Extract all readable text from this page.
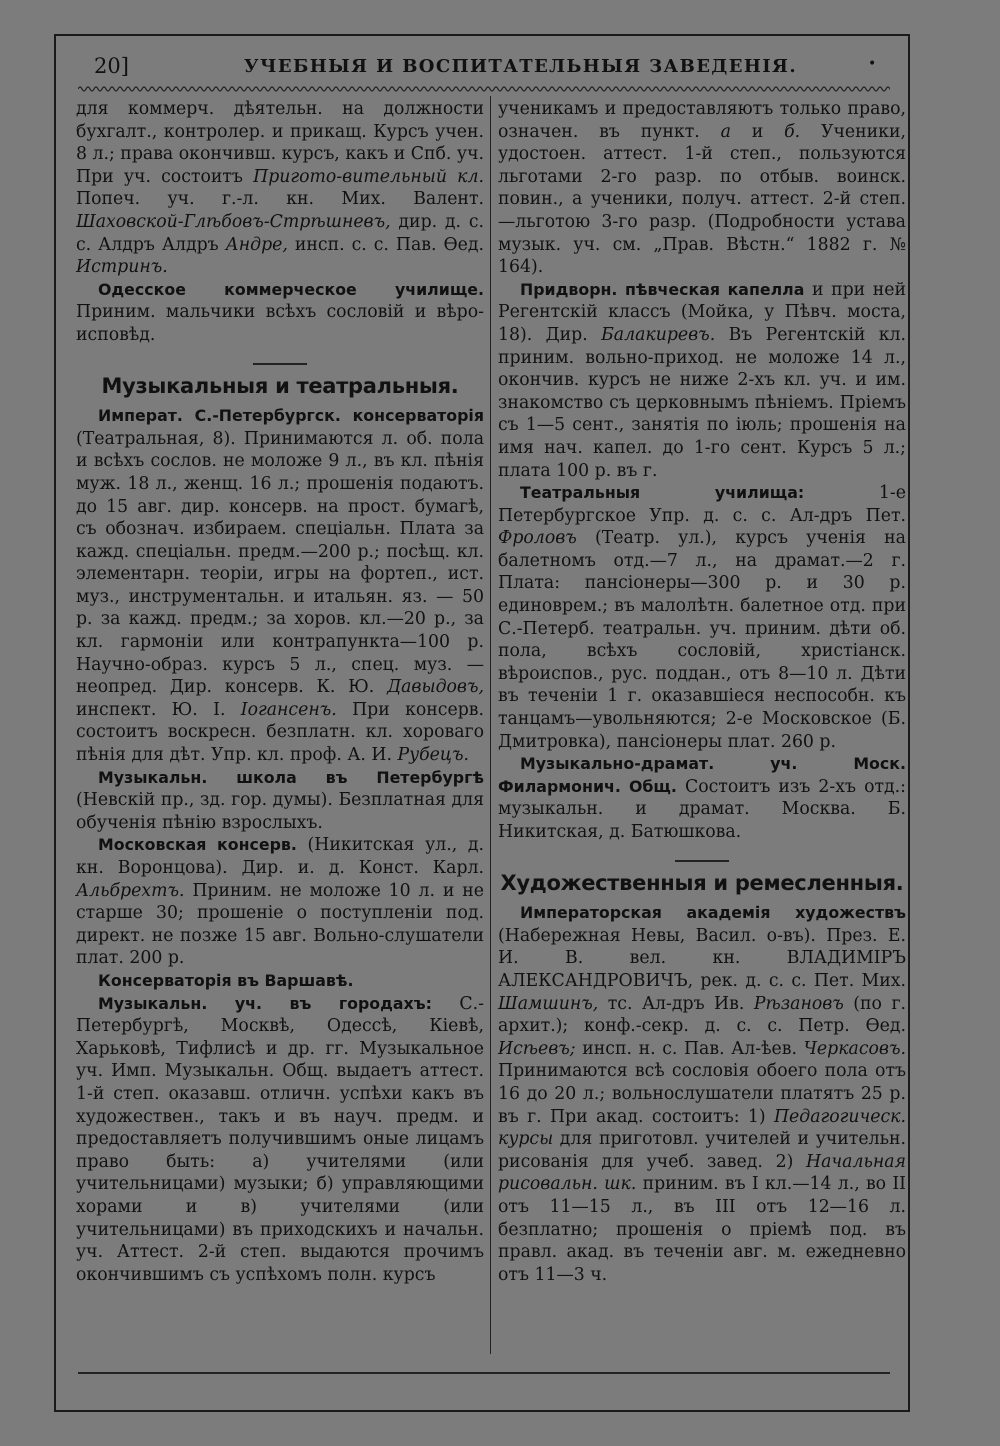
20]	УЧЕБНЫЯ И ВОСПИТАТЕЛЬНЫЯ ЗАВЕДЕНІЯ.	•

для коммерч. дѣятельн. на должности бухгалт., контролер. и прикащ. Курсъ учен. 8 л.; права окончивш. курсъ, какъ и Спб. уч. При уч. состоитъ Пригото-вительный кл. Попеч. уч. г.-л. кн. Мих. Валент. Шаховской-Глѣбовъ-Стрѣшневъ, дир. д. с. с. Алдръ Алдръ Андре, инсп. с. с. Пав. Ѳед. Истринъ.

Одесское коммерческое училище. Приним. мальчики всѣхъ сословій и вѣро-исповѣд.

Музыкальныя и театральныя.

Императ. С.-Петербургск. консерваторія (Театральная, 8). Принимаются л. об. пола и всѣхъ сослов. не моложе 9 л., въ кл. пѣнія муж. 18 л., женщ. 16 л.; прошенія подаютъ. до 15 авг. дир. консерв. на прост. бумагѣ, съ обознач. избираем. спеціальн. Плата за кажд. спеціальн. предм.—200 р.; посѣщ. кл. элементарн. теоріи, игры на фортеп., ист. муз., инструментальн. и итальян. яз. — 50 р. за кажд. предм.; за хоров. кл.—20 р., за кл. гармоніи или контрапункта—100 р. Научно-образ. курсъ 5 л., спец. муз. — неопред. Дир. консерв. К. Ю. Давыдовъ, инспект. Ю. І. Іогансенъ. При консерв. состоитъ воскресн. безплатн. кл. хороваго пѣнія для дѣт. Упр. кл. проф. А. И. Рубецъ.

Музыкальн. школа въ Петербургѣ (Невскій пр., зд. гор. думы). Безплатная для обученія пѣнію взрослыхъ.

Московская консерв. (Никитская ул., д. кн. Воронцова). Дир. и. д. Конст. Карл. Альбрехтъ. Приним. не моложе 10 л. и не старше 30; прошеніе о поступленіи под. директ. не позже 15 авг. Вольно-слушатели плат. 200 р.

Консерваторія въ Варшавѣ.

Музыкальн. уч. въ городахъ: С.-Петербургѣ, Москвѣ, Одессѣ, Кіевѣ, Харьковѣ, Тифлисѣ и др. гг. Музыкальное уч. Имп. Музыкальн. Общ. выдаетъ аттест. 1-й степ. оказавш. отличн. успѣхи какъ въ художествен., такъ и въ науч. предм. и предоставляетъ получившимъ оные лицамъ право быть: а) учителями (или учительницами) музыки; б) управляющими хорами и в) учителями (или учительницами) въ приходскихъ и начальн. уч. Аттест. 2-й степ. выдаются прочимъ окончившимъ съ успѣхомъ полн. курсъ

ученикамъ и предоставляютъ только право, означен. въ пункт. а и б. Ученики, удостоен. аттест. 1-й степ., пользуются льготами 2-го разр. по отбыв. воинск. повин., а ученики, получ. аттест. 2-й степ.—льготою 3-го разр. (Подробности устава музык. уч. см. „Прав. Вѣстн.“ 1882 г. № 164).

Придворн. пѣвческая капелла и при ней Регентскій классъ (Мойка, у Пѣвч. моста, 18). Дир. Балакиревъ. Въ Регентскій кл. приним. вольно-приход. не моложе 14 л., окончив. курсъ не ниже 2-хъ кл. уч. и им. знакомство съ церковнымъ пѣніемъ. Пріемъ съ 1—5 сент., занятія по іюль; прошенія на имя нач. капел. до 1-го сент. Курсъ 5 л.; плата 100 р. въ г.

Театральныя училища: 1-е Петербургское Упр. д. с. с. Ал-дръ Пет. Фроловъ (Театр. ул.), курсъ ученія на балетномъ отд.—7 л., на драмат.—2 г. Плата: пансіонеры—300 р. и 30 р. единоврем.; въ малолѣтн. балетное отд. при С.-Петерб. театральн. уч. приним. дѣти об. пола, всѣхъ сословій, христіанск. вѣроиспов., рус. поддан., отъ 8—10 л. Дѣти въ теченіи 1 г. оказавшіеся неспособн. къ танцамъ—увольняются; 2-е Московское (Б. Дмитровка), пансіонеры плат. 260 р.

Музыкально-драмат. уч. Моск. Филармонич. Общ. Состоитъ изъ 2-хъ отд.: музыкальн. и драмат. Москва. Б. Никитская, д. Батюшкова.

Художественныя и ремесленныя.

Императорская академія художествъ (Набережная Невы, Васил. о-въ). През. Е. И. В. вел. кн. ВЛАДИМІРЪ АЛЕКСАНДРОВИЧЪ, рек. д. с. с. Пет. Мих. Шамшинъ, тс. Ал-дръ Ив. Рѣзановъ (по г. архит.); конф.-секр. д. с. с. Петр. Ѳед. Исѣевъ; инсп. н. с. Пав. Ал-ѣев. Черкасовъ. Принимаются всѣ сословія обоего пола отъ 16 до 20 л.; вольнослушатели платятъ 25 р. въ г. При акад. состоитъ: 1) Педагогическ. курсы для приготовл. учителей и учительн. рисованія для учеб. завед. 2) Начальная рисовальн. шк. приним. въ I кл.—14 л., во II отъ 11—15 л., въ III отъ 12—16 л. безплатно; прошенія о пріемѣ под. въ правл. акад. въ теченіи авг. м. ежедневно отъ 11—3 ч.
